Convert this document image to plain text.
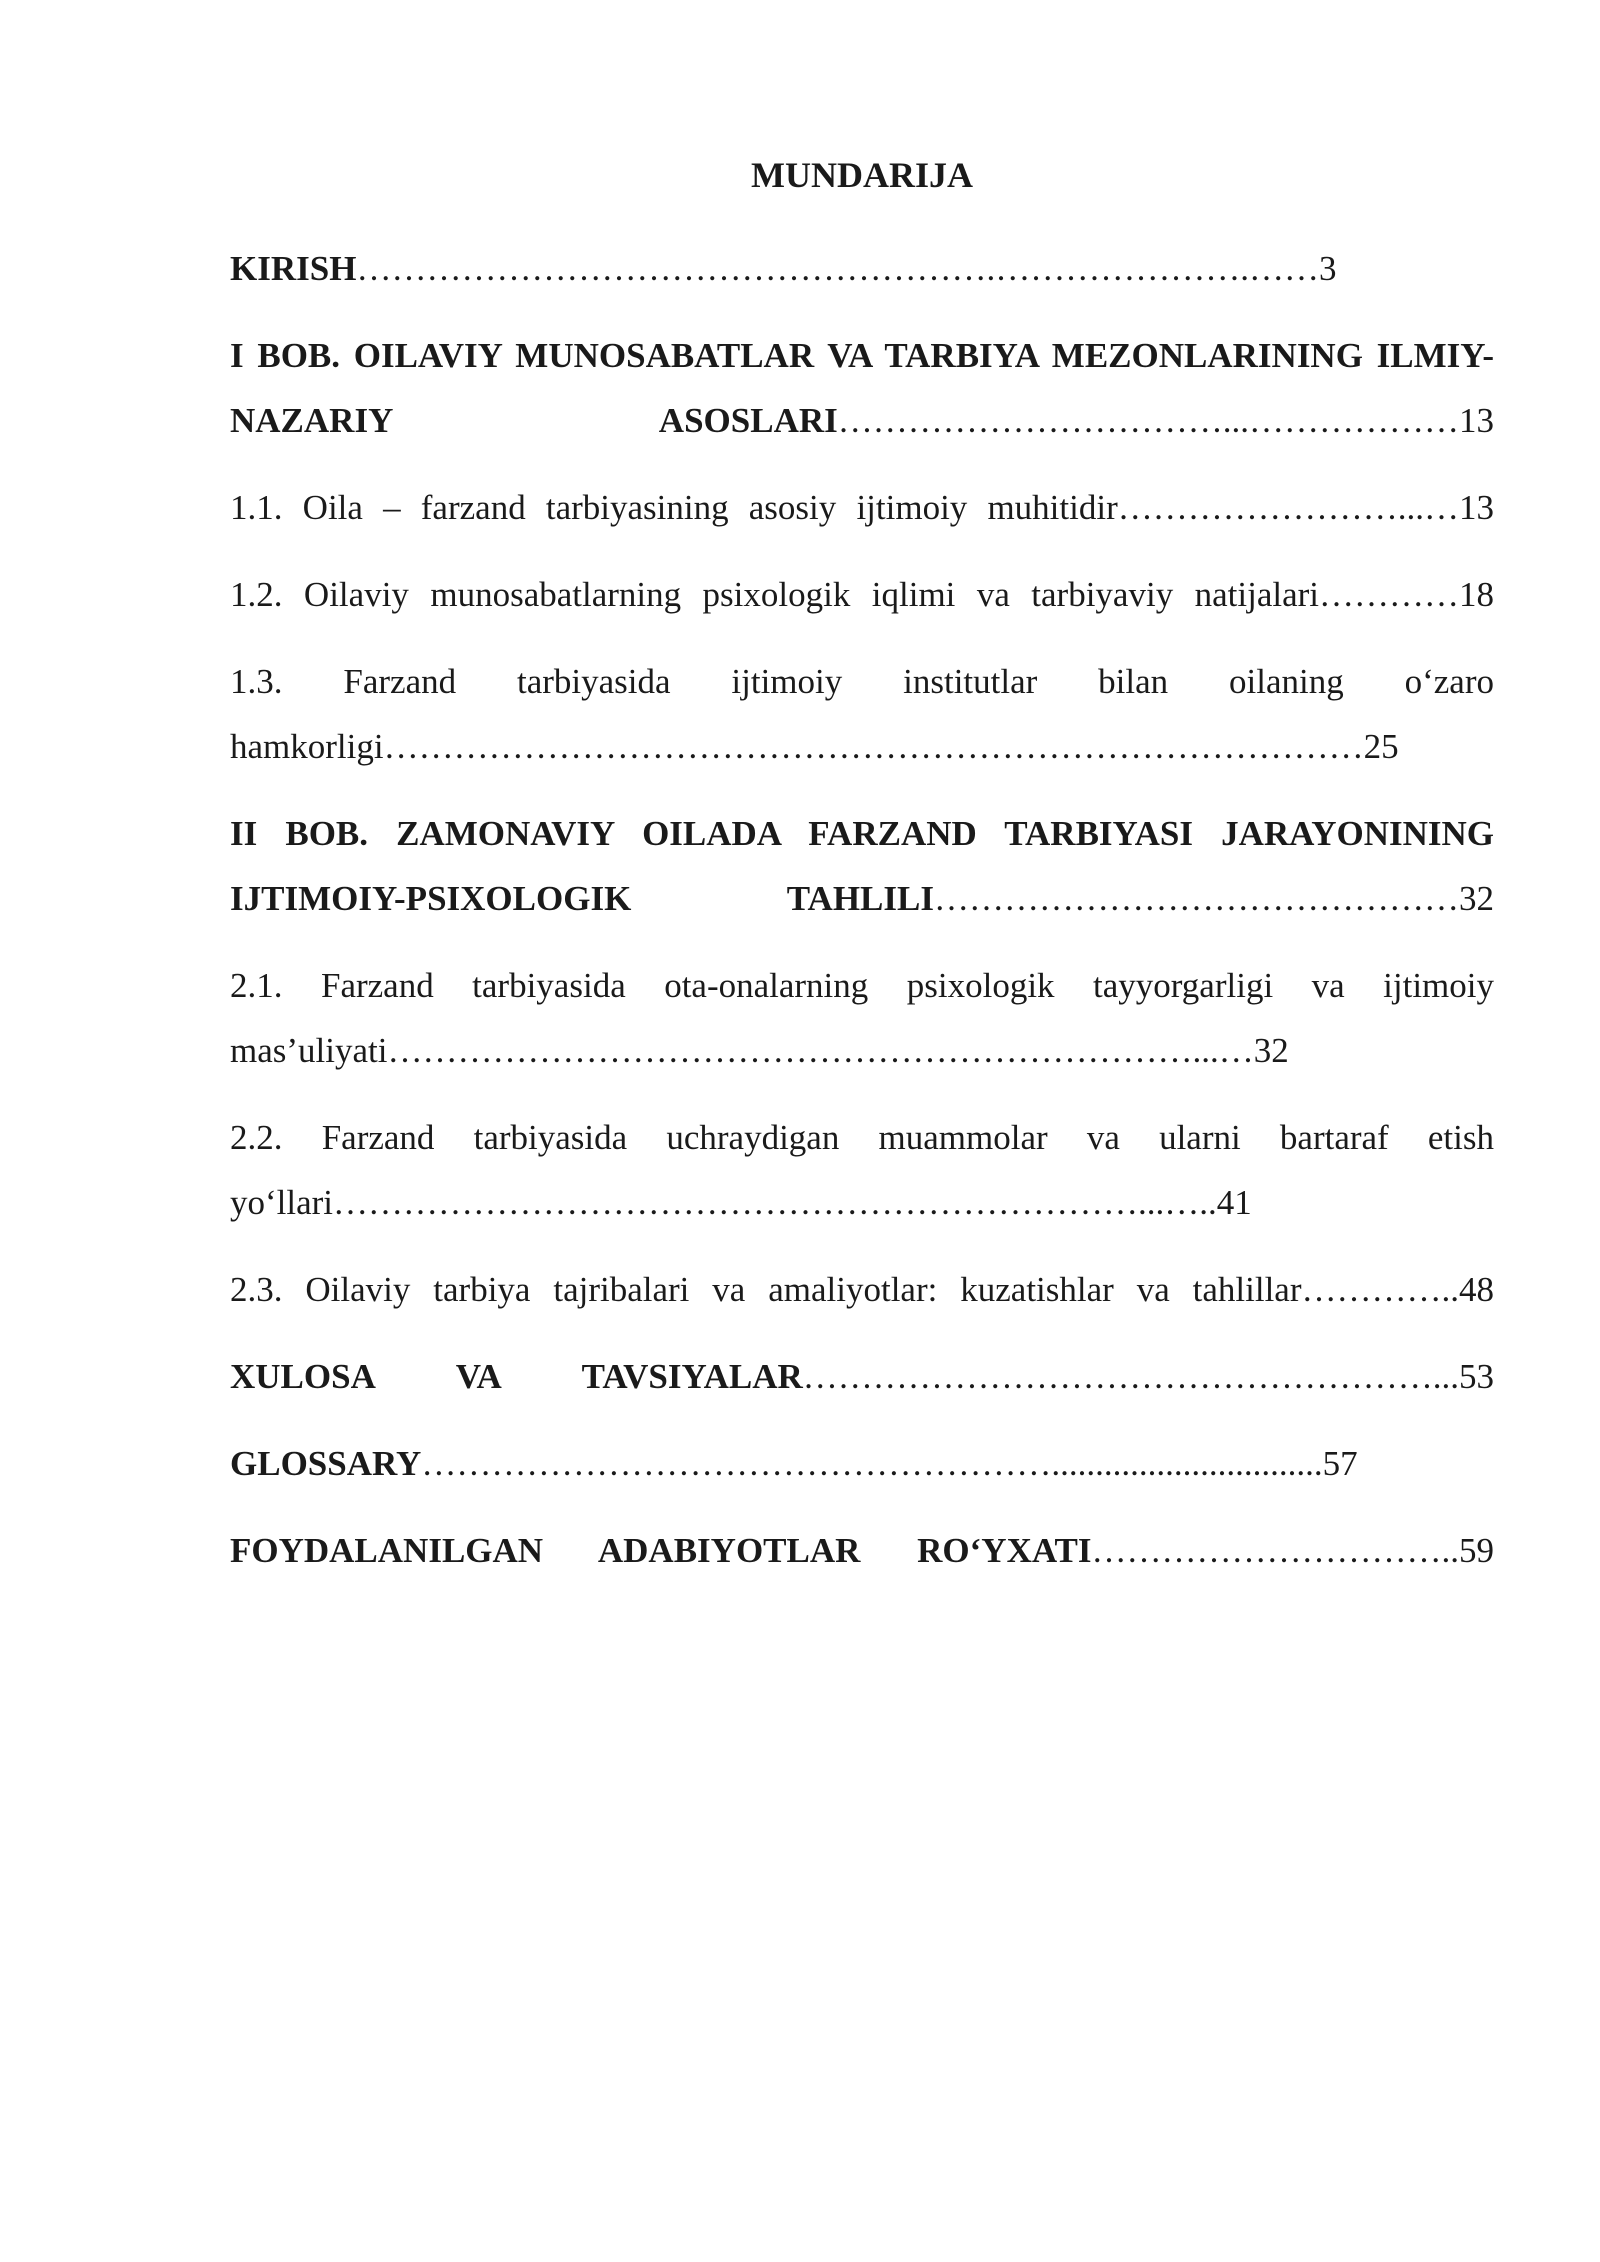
MUNDARIJA
KIRISH……………………………………………….………………….……3
I BOB. OILAVIY MUNOSABATLAR VA TARBIYA MEZONLARINING ILMIY-NAZARIY ASOSLARI……………………………...………………13
1.1. Oila – farzand tarbiyasining asosiy ijtimoiy muhitidir……………………...…13
1.2. Oilaviy munosabatlarning psixologik iqlimi va tarbiyaviy natijalari…………18
1.3. Farzand tarbiyasida ijtimoiy institutlar bilan oilaning o‘zaro hamkorligi…………………………………………………………………………25
II BOB. ZAMONAVIY OILADA FARZAND TARBIYASI JARAYONINING IJTIMOIY-PSIXOLOGIK TAHLILI………………………………………32
2.1. Farzand tarbiyasida ota-onalarning psixologik tayyorgarligi va ijtimoiy mas’uliyati……………………………………………………………...…32
2.2. Farzand tarbiyasida uchraydigan muammolar va ularni bartaraf etish yo‘llari……………………………………………………………...…..41
2.3. Oilaviy tarbiya tajribalari va amaliyotlar: kuzatishlar va tahlillar…………..48
XULOSA VA TAVSIYALAR………………………………………………...53
GLOSSARY………………………………………………...............................57
FOYDALANILGAN ADABIYOTLAR RO‘YXATI…………………………..59
